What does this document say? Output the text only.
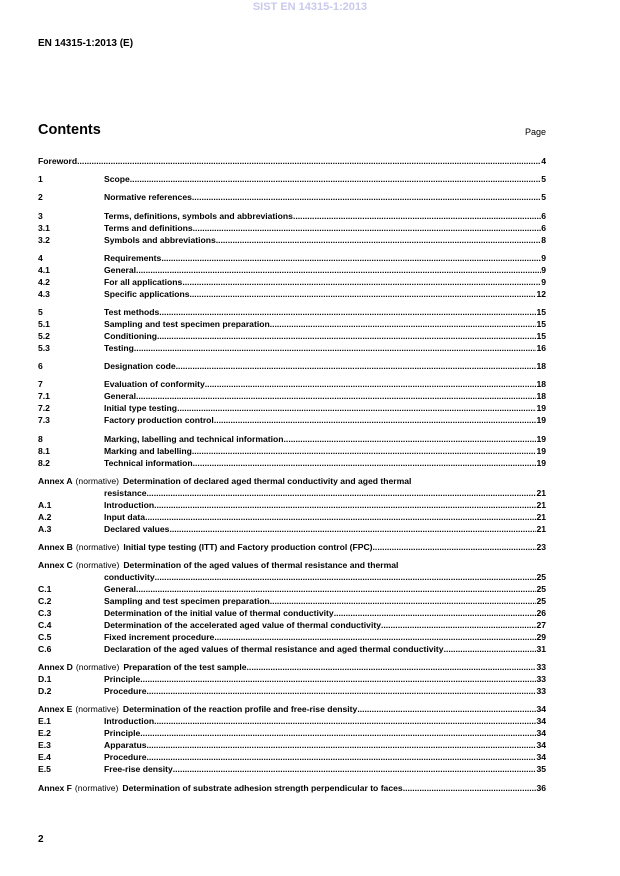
SIST EN 14315-1:2013
EN 14315-1:2013 (E)
Contents	Page
Foreword .....	4
1	Scope .....	5
2	Normative references .....	5
3	Terms, definitions, symbols and abbreviations .....	6
3.1	Terms and definitions .....	6
3.2	Symbols and abbreviations .....	8
4	Requirements .....	9
4.1	General .....	9
4.2	For all applications .....	9
4.3	Specific applications .....	12
5	Test methods .....	15
5.1	Sampling and test specimen preparation .....	15
5.2	Conditioning .....	15
5.3	Testing .....	16
6	Designation code .....	18
7	Evaluation of conformity .....	18
7.1	General .....	18
7.2	Initial type testing .....	19
7.3	Factory production control .....	19
8	Marking, labelling and technical information .....	19
8.1	Marking and labelling .....	19
8.2	Technical information .....	19
Annex A (normative) Determination of declared aged thermal conductivity and aged thermal
resistance .....	21
A.1	Introduction .....	21
A.2	Input data .....	21
A.3	Declared values .....	21
Annex B (normative) Initial type testing (ITT) and Factory production control (FPC) .....	23
Annex C (normative) Determination of the aged values of thermal resistance and thermal
conductivity .....	25
C.1	General .....	25
C.2	Sampling and test specimen preparation .....	25
C.3	Determination of the initial value of thermal conductivity .....	26
C.4	Determination of the accelerated aged value of thermal conductivity .....	27
C.5	Fixed increment procedure .....	29
C.6	Declaration of the aged values of thermal resistance and aged thermal conductivity .....	31
Annex D (normative) Preparation of the test sample .....	33
D.1	Principle .....	33
D.2	Procedure .....	33
Annex E (normative) Determination of the reaction profile and free-rise density .....	34
E.1	Introduction .....	34
E.2	Principle .....	34
E.3	Apparatus .....	34
E.4	Procedure .....	34
E.5	Free-rise density .....	35
Annex F (normative) Determination of substrate adhesion strength perpendicular to faces .....	36
2
